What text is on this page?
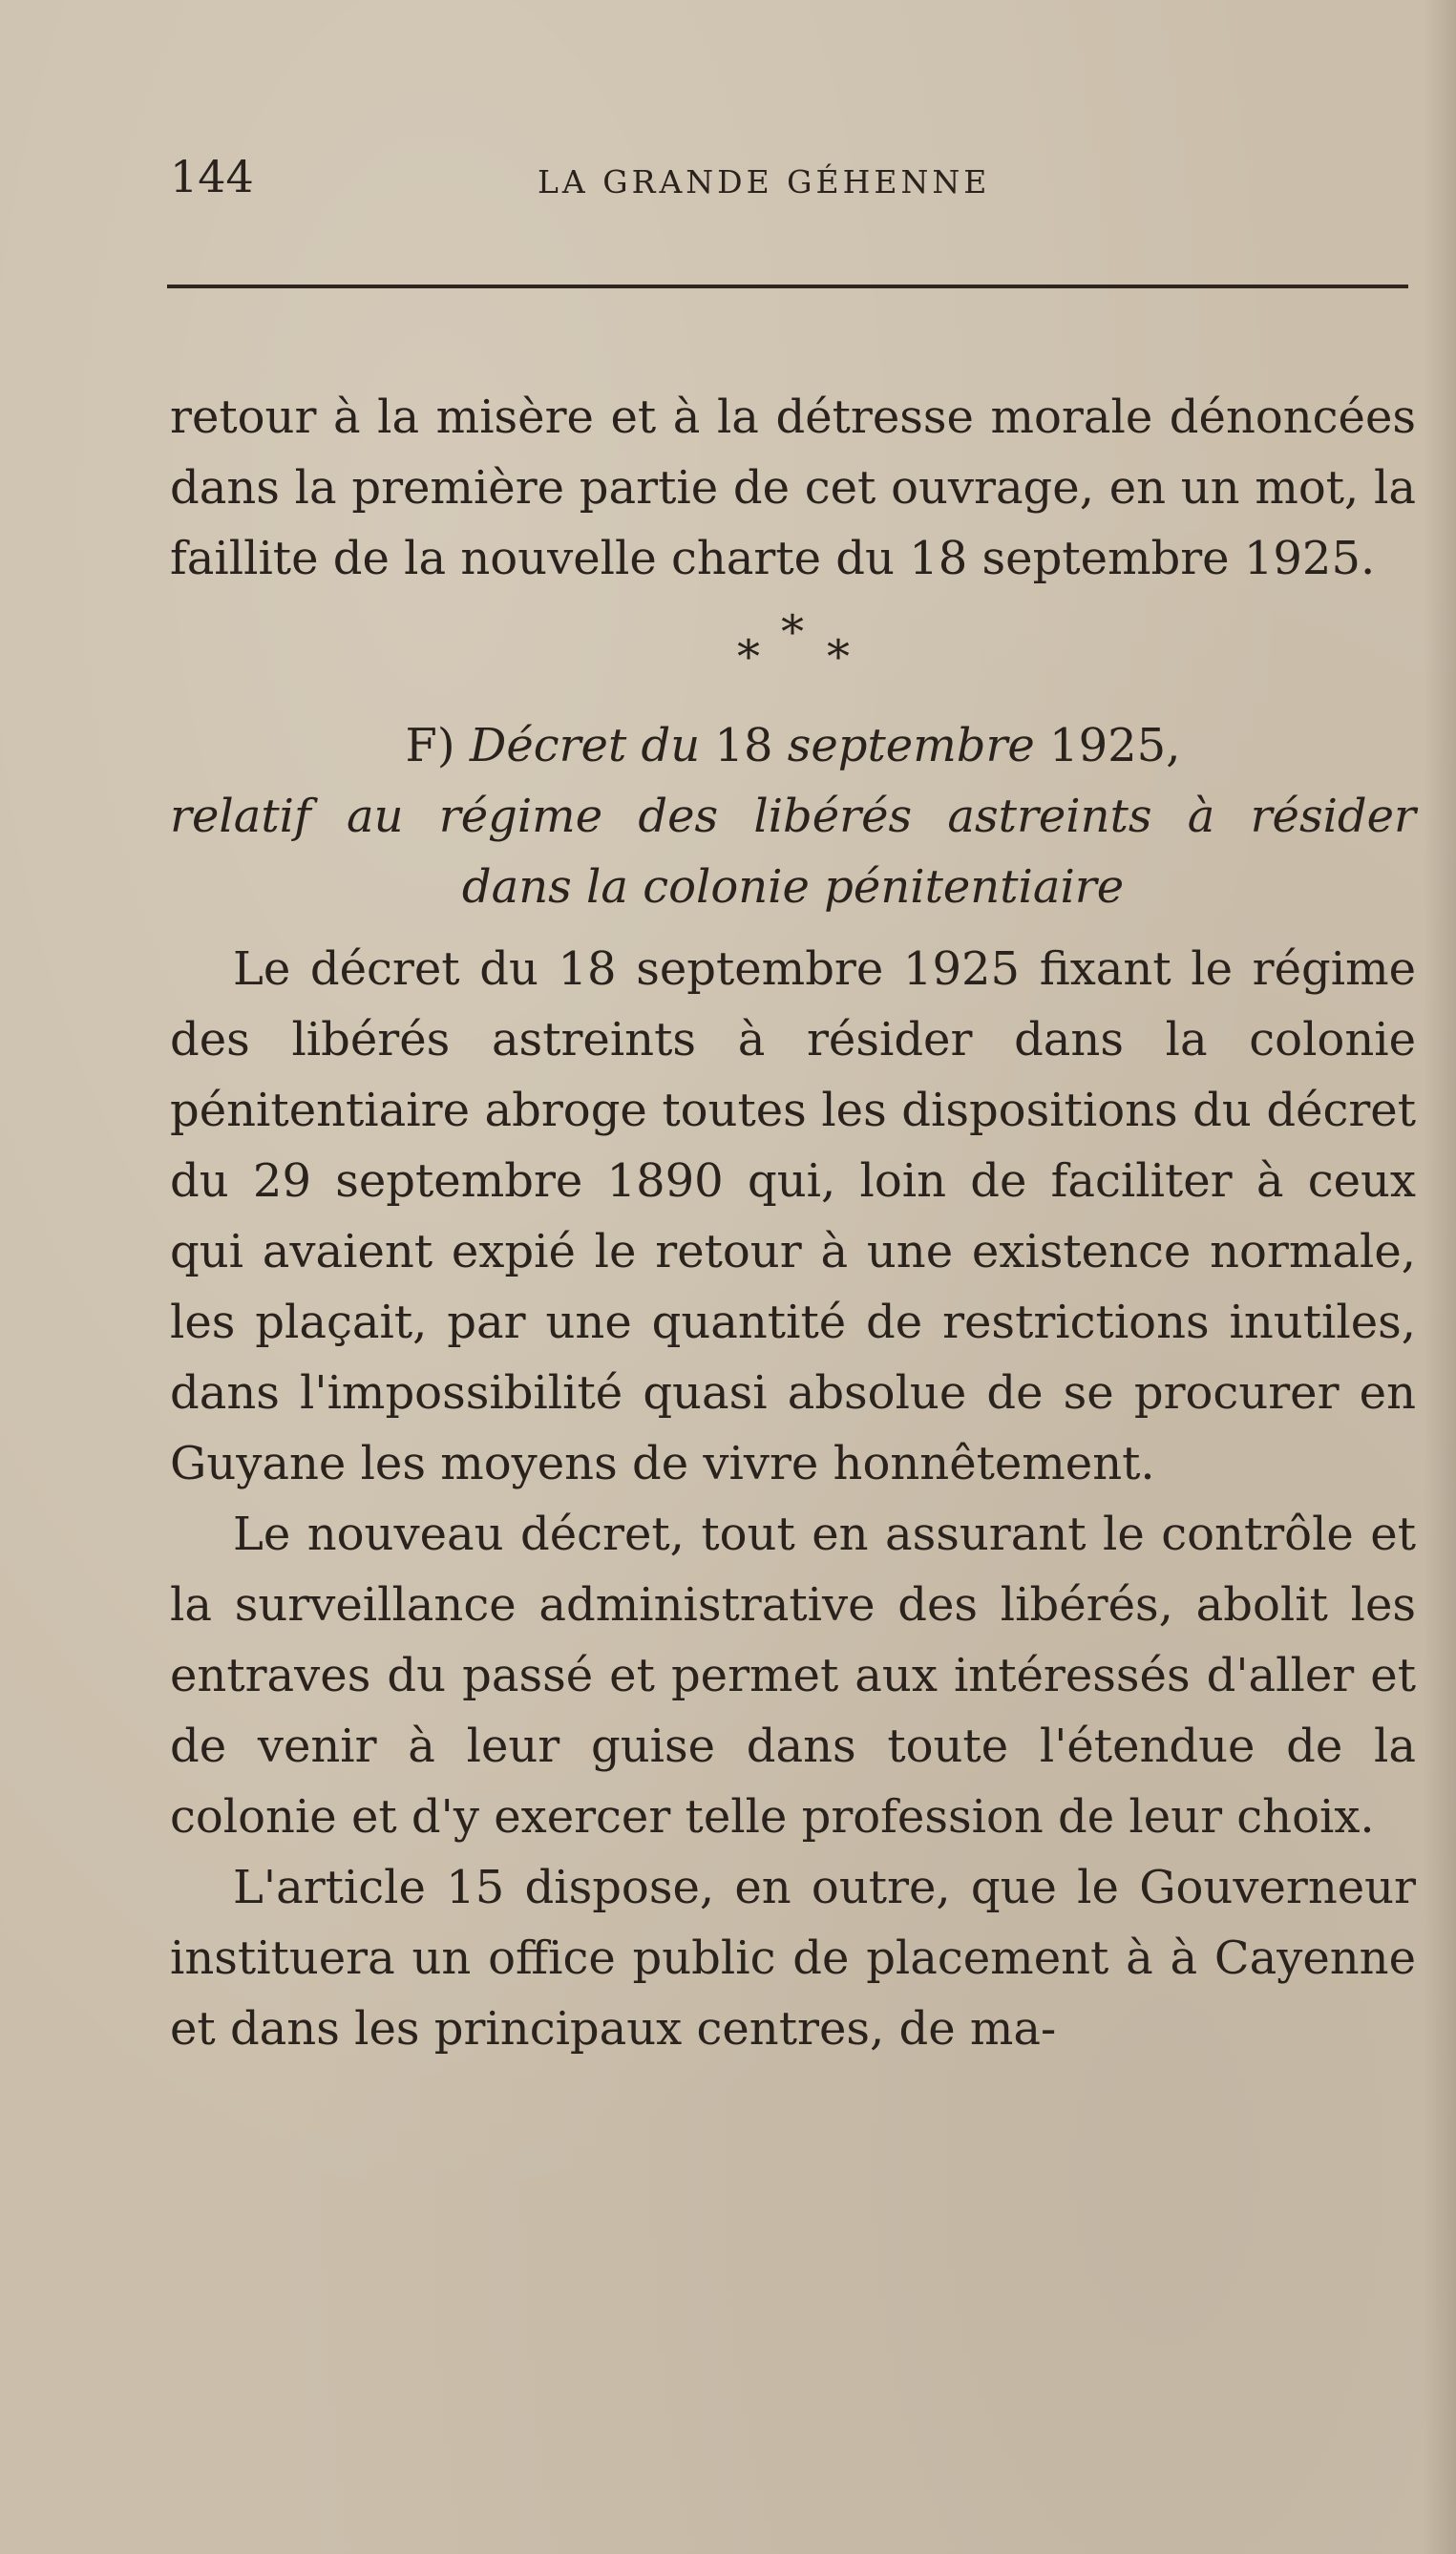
144	LA GRANDE GÉHENNE

retour à la misère et à la détresse morale dénoncées dans la première partie de cet ouvrage, en un mot, la faillite de la nouvelle charte du 18 septembre 1925.

*
* *
F) Décret du 18 septembre 1925,
relatif au régime des libérés astreints à résider
dans la colonie pénitentiaire

Le décret du 18 septembre 1925 fixant le régime des libérés astreints à résider dans la colonie pénitentiaire abroge toutes les dispositions du décret du 29 septembre 1890 qui, loin de faciliter à ceux qui avaient expié le retour à une existence normale, les plaçait, par une quantité de restrictions inutiles, dans l'impossibilité quasi absolue de se procurer en Guyane les moyens de vivre honnêtement.

Le nouveau décret, tout en assurant le contrôle et la surveillance administrative des libérés, abolit les entraves du passé et permet aux intéressés d'aller et de venir à leur guise dans toute l'étendue de la colonie et d'y exercer telle profession de leur choix.

L'article 15 dispose, en outre, que le Gouverneur instituera un office public de placement à à Cayenne et dans les principaux centres, de ma-
